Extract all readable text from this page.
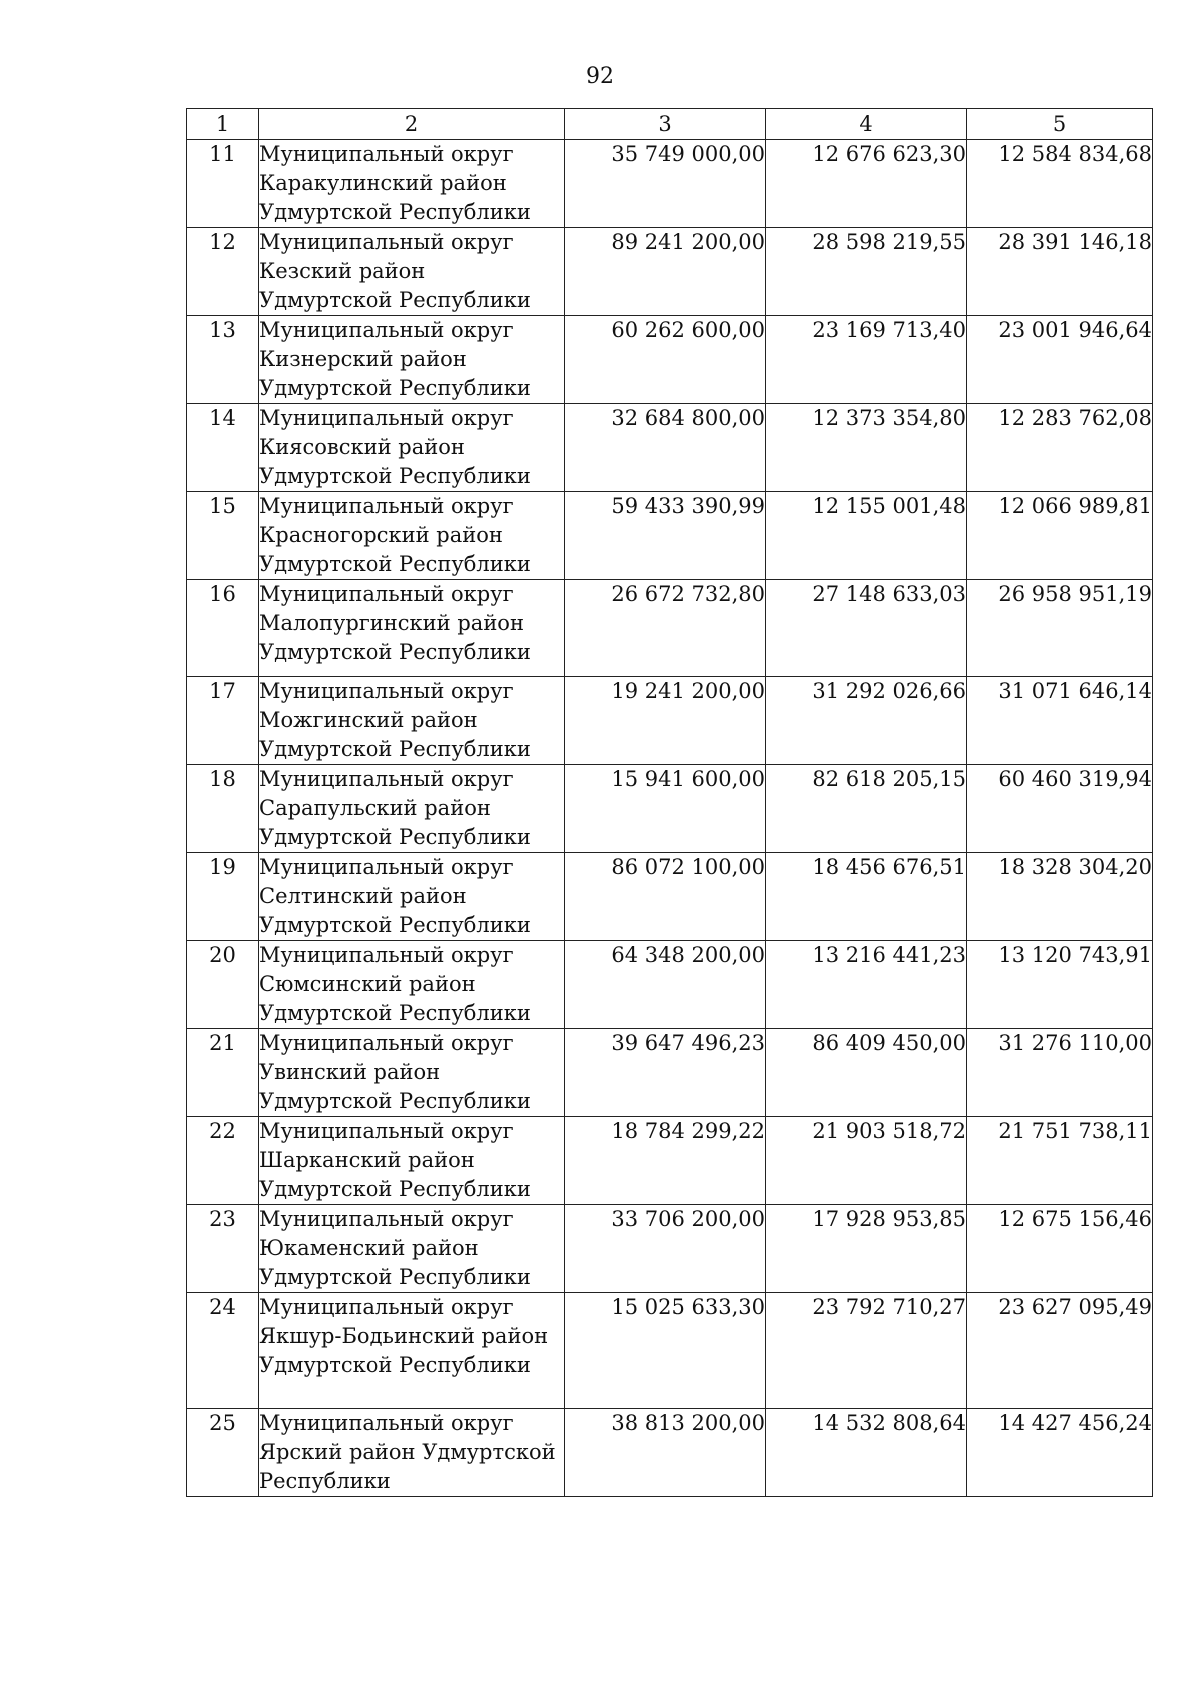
92
1	2	3	4	5
11	Муниципальный округ Каракулинский район Удмуртской Республики	35 749 000,00	12 676 623,30	12 584 834,68
12	Муниципальный округ Кезский район Удмуртской Республики	89 241 200,00	28 598 219,55	28 391 146,18
13	Муниципальный округ Кизнерский район Удмуртской Республики	60 262 600,00	23 169 713,40	23 001 946,64
14	Муниципальный округ Киясовский район Удмуртской Республики	32 684 800,00	12 373 354,80	12 283 762,08
15	Муниципальный округ Красногорский район Удмуртской Республики	59 433 390,99	12 155 001,48	12 066 989,81
16	Муниципальный округ Малопургинский район Удмуртской Республики	26 672 732,80	27 148 633,03	26 958 951,19
17	Муниципальный округ Можгинский район Удмуртской Республики	19 241 200,00	31 292 026,66	31 071 646,14
18	Муниципальный округ Сарапульский район Удмуртской Республики	15 941 600,00	82 618 205,15	60 460 319,94
19	Муниципальный округ Селтинский район Удмуртской Республики	86 072 100,00	18 456 676,51	18 328 304,20
20	Муниципальный округ Сюмсинский район Удмуртской Республики	64 348 200,00	13 216 441,23	13 120 743,91
21	Муниципальный округ Увинский район Удмуртской Республики	39 647 496,23	86 409 450,00	31 276 110,00
22	Муниципальный округ Шарканский район Удмуртской Республики	18 784 299,22	21 903 518,72	21 751 738,11
23	Муниципальный округ Юкаменский район Удмуртской Республики	33 706 200,00	17 928 953,85	12 675 156,46
24	Муниципальный округ Якшур-Бодьинский район Удмуртской Республики	15 025 633,30	23 792 710,27	23 627 095,49
25	Муниципальный округ Ярский район Удмуртской Республики	38 813 200,00	14 532 808,64	14 427 456,24
